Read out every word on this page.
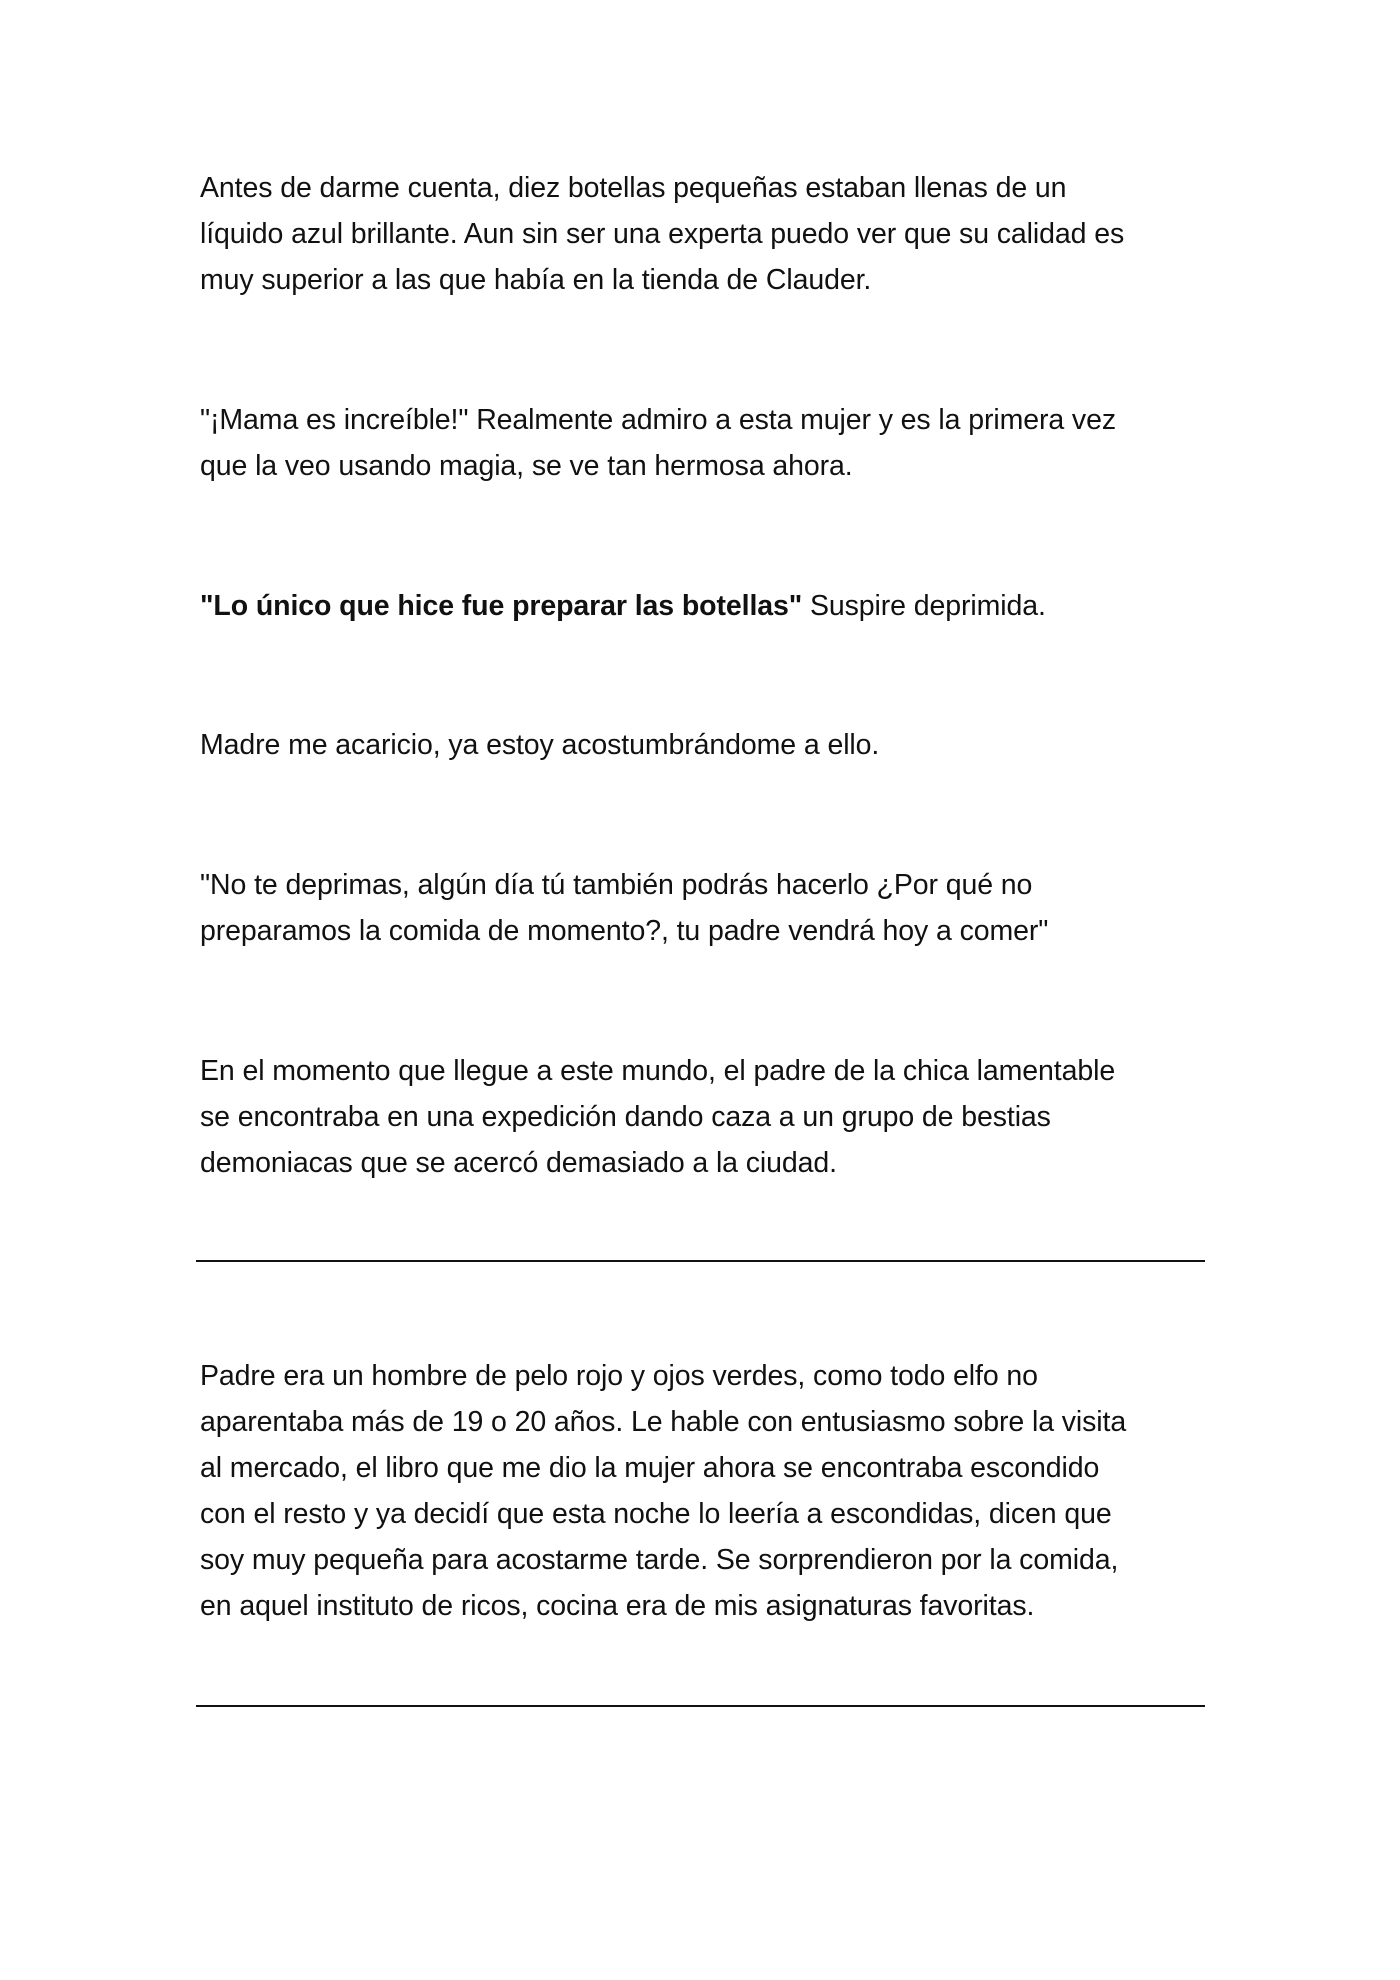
Antes de darme cuenta, diez botellas pequeñas estaban llenas de un
líquido azul brillante. Aun sin ser una experta puedo ver que su calidad es
muy superior a las que había en la tienda de Clauder.

"¡Mama es increíble!" Realmente admiro a esta mujer y es la primera vez
que la veo usando magia, se ve tan hermosa ahora.

"Lo único que hice fue preparar las botellas" Suspire deprimida.

Madre me acaricio, ya estoy acostumbrándome a ello.

"No te deprimas, algún día tú también podrás hacerlo ¿Por qué no
preparamos la comida de momento?, tu padre vendrá hoy a comer"

En el momento que llegue a este mundo, el padre de la chica lamentable
se encontraba en una expedición dando caza a un grupo de bestias
demoniacas que se acercó demasiado a la ciudad.

Padre era un hombre de pelo rojo y ojos verdes, como todo elfo no
aparentaba más de 19 o 20 años. Le hable con entusiasmo sobre la visita
al mercado, el libro que me dio la mujer ahora se encontraba escondido
con el resto y ya decidí que esta noche lo leería a escondidas, dicen que
soy muy pequeña para acostarme tarde. Se sorprendieron por la comida,
en aquel instituto de ricos, cocina era de mis asignaturas favoritas.
